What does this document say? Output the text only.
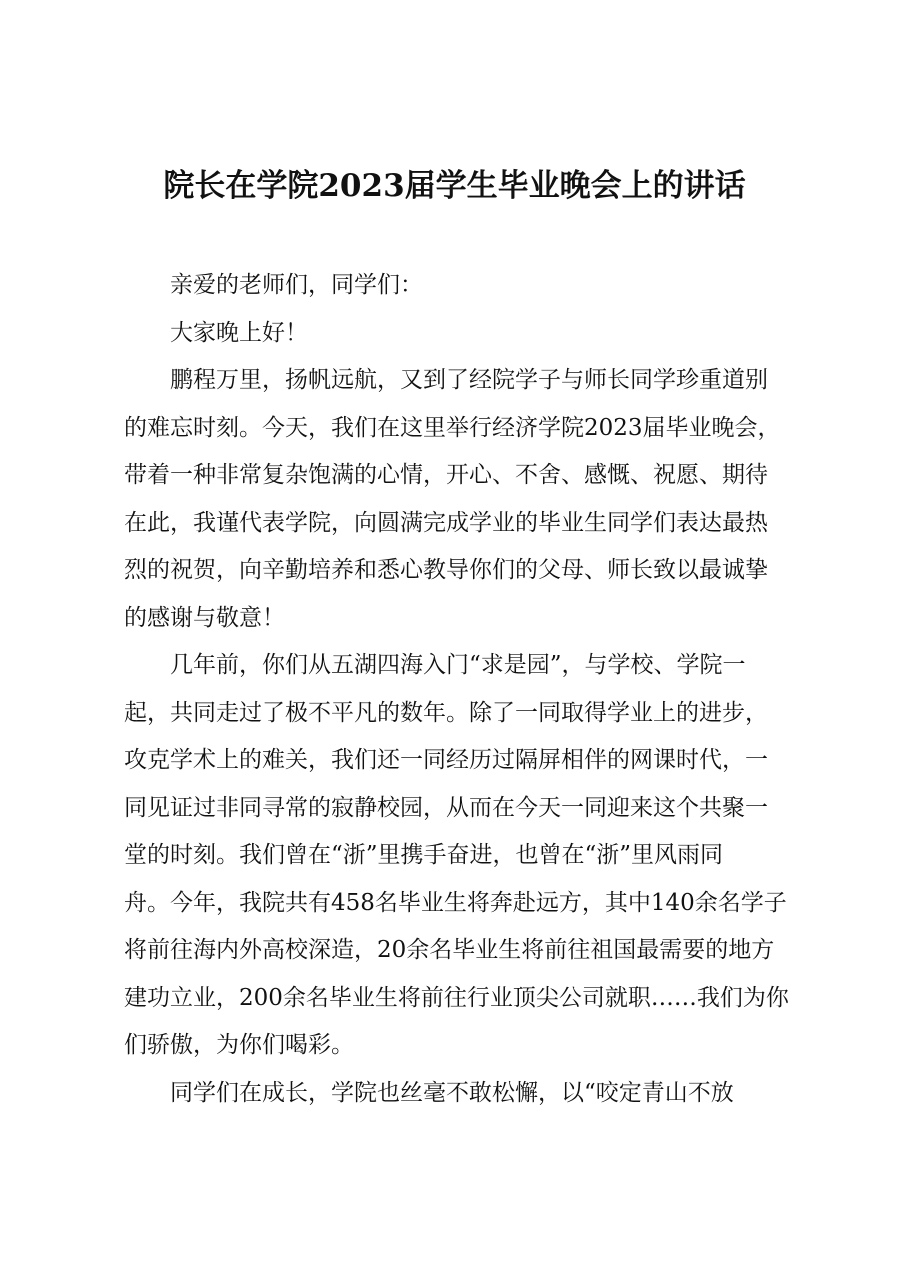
院长在学院2023届学生毕业晚会上的讲话
亲爱的老师们，同学们：
大家晚上好！
鹏程万里，扬帆远航，又到了经院学子与师长同学珍重道别
的难忘时刻。今天，我们在这里举行经济学院2023届毕业晚会，
带着一种非常复杂饱满的心情，开心、不舍、感慨、祝愿、期待
在此，我谨代表学院，向圆满完成学业的毕业生同学们表达最热
烈的祝贺，向辛勤培养和悉心教导你们的父母、师长致以最诚挚
的感谢与敬意！
几年前，你们从五湖四海入门“求是园”，与学校、学院一
起，共同走过了极不平凡的数年。除了一同取得学业上的进步，
攻克学术上的难关，我们还一同经历过隔屏相伴的网课时代，一
同见证过非同寻常的寂静校园，从而在今天一同迎来这个共聚一
堂的时刻。我们曾在“浙”里携手奋进，也曾在“浙”里风雨同
舟。今年，我院共有458名毕业生将奔赴远方，其中140余名学子
将前往海内外高校深造，20余名毕业生将前往祖国最需要的地方
建功立业，200余名毕业生将前往行业顶尖公司就职……我们为你
们骄傲，为你们喝彩。
同学们在成长，学院也丝毫不敢松懈，以“咬定青山不放
